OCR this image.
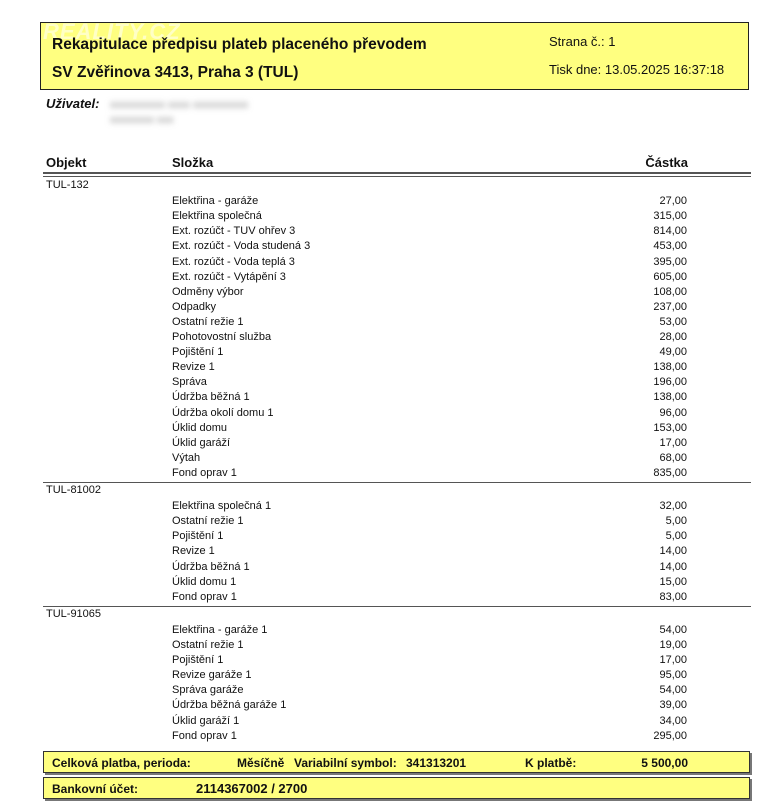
REALITY.CZ
Rekapitulace předpisu plateb placeného převodem
SV Zvěřinova 3413, Praha 3 (TUL)
Strana č.: 1
Tisk dne: 13.05.2025 16:37:18
Uživatel: xxxxxxxxxx xxxx xxxxxxxxxx
xxxxxxxx xxx
Objekt	Složka	Částka
TUL-132
Elektřina - garáže	27,00
Elektřina společná	315,00
Ext. rozúčt - TUV ohřev 3	814,00
Ext. rozúčt - Voda studená 3	453,00
Ext. rozúčt - Voda teplá 3	395,00
Ext. rozúčt - Vytápění 3	605,00
Odměny výbor	108,00
Odpadky	237,00
Ostatní režie 1	53,00
Pohotovostní služba	28,00
Pojištění 1	49,00
Revize 1	138,00
Správa	196,00
Údržba běžná 1	138,00
Údržba okolí domu 1	96,00
Úklid domu	153,00
Úklid garáží	17,00
Výtah	68,00
Fond oprav 1	835,00
TUL-81002
Elektřina společná 1	32,00
Ostatní režie 1	5,00
Pojištění 1	5,00
Revize 1	14,00
Údržba běžná 1	14,00
Úklid domu 1	15,00
Fond oprav 1	83,00
TUL-91065
Elektřina - garáže 1	54,00
Ostatní režie 1	19,00
Pojištění 1	17,00
Revize garáže 1	95,00
Správa garáže	54,00
Údržba běžná garáže 1	39,00
Úklid garáží 1	34,00
Fond oprav 1	295,00
Celková platba, perioda:	Měsíčně Variabilní symbol: 341313201	K platbě:	5 500,00
Bankovní účet:	2114367002 / 2700
